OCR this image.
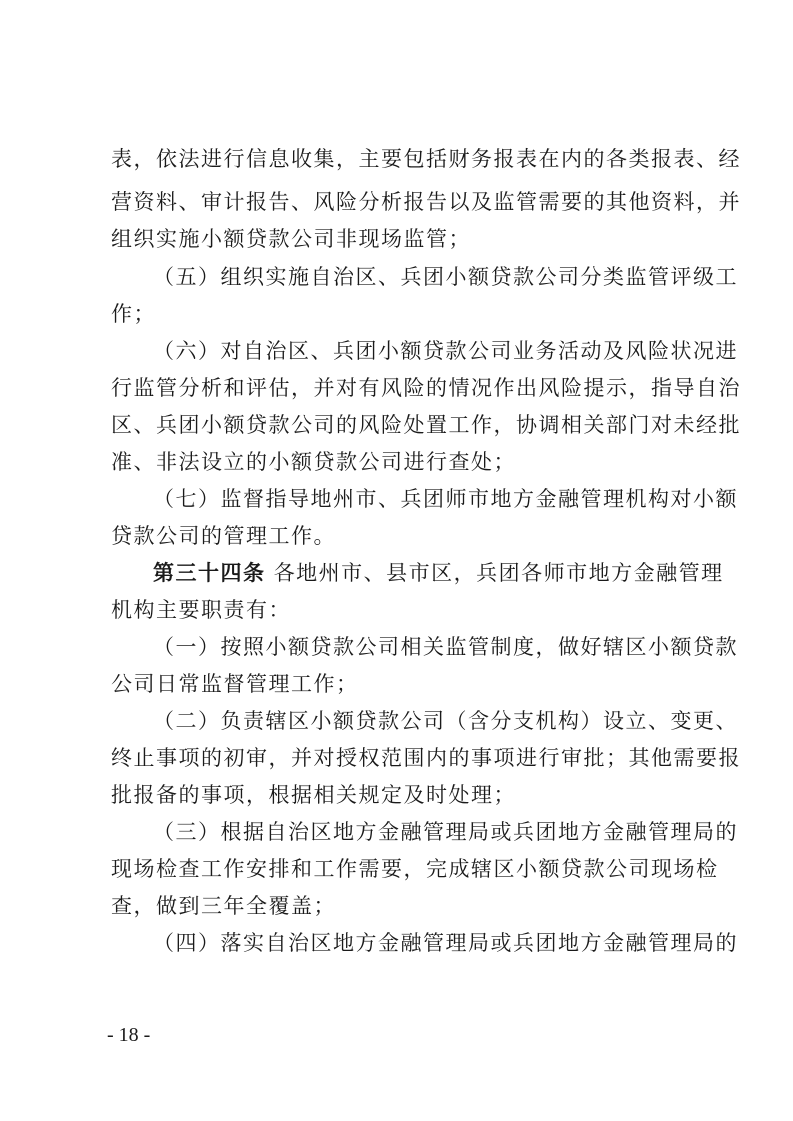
表，依法进行信息收集，主要包括财务报表在内的各类报表、经
营资料、审计报告、风险分析报告以及监管需要的其他资料，并
组织实施小额贷款公司非现场监管；
（五）组织实施自治区、兵团小额贷款公司分类监管评级工
作；
（六）对自治区、兵团小额贷款公司业务活动及风险状况进
行监管分析和评估，并对有风险的情况作出风险提示，指导自治
区、兵团小额贷款公司的风险处置工作，协调相关部门对未经批
准、非法设立的小额贷款公司进行查处；
（七）监督指导地州市、兵团师市地方金融管理机构对小额
贷款公司的管理工作。
第三十四条 各地州市、县市区，兵团各师市地方金融管理
机构主要职责有：
（一）按照小额贷款公司相关监管制度，做好辖区小额贷款
公司日常监督管理工作；
（二）负责辖区小额贷款公司（含分支机构）设立、变更、
终止事项的初审，并对授权范围内的事项进行审批；其他需要报
批报备的事项，根据相关规定及时处理；
（三）根据自治区地方金融管理局或兵团地方金融管理局的
现场检查工作安排和工作需要，完成辖区小额贷款公司现场检
查，做到三年全覆盖；
（四）落实自治区地方金融管理局或兵团地方金融管理局的
- 18 -
